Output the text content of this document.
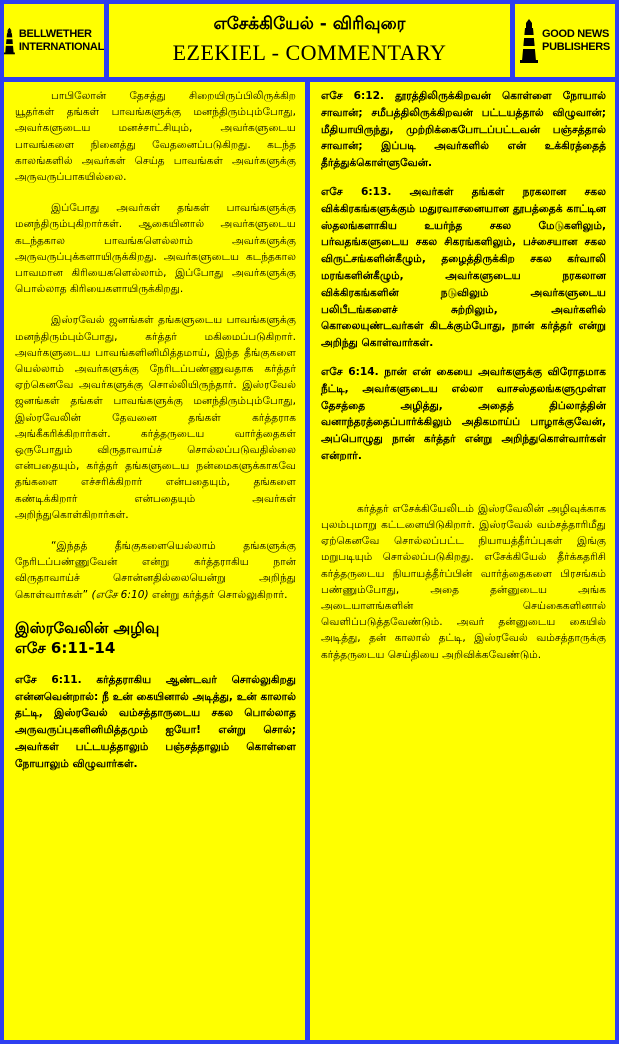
BELLWETHER
INTERNATIONAL
எசேக்கியேல் - விரிவுரை
EZEKIEL - COMMENTARY
GOOD NEWS
PUBLISHERS

பாபிலோன் தேசத்து சிறையிருப்பிலிருக்கிற யூதர்கள் தங்கள் பாவங்களுக்கு மனந்திரும்பும்போது, அவர்களுடைய மனச்சாட்சியும், அவர்களுடைய பாவங்களை நினைத்து வேதனைப்படுகிறது. கடந்த காலங்களில் அவர்கள் செய்த பாவங்கள் அவர்களுக்கு அருவருப்பாகயில்லை.

இப்போது அவர்கள் தங்கள் பாவங்களுக்கு மனந்திரும்புகிறார்கள். ஆகையினால் அவர்களுடைய கடந்தகால பாவங்களெல்லாம் அவர்களுக்கு அருவருப்புக்களாயிருக்கிறது. அவர்களுடைய கடந்தகால பாவமான கிரியைகளெல்லாம், இப்போது அவர்களுக்கு பொல்லாத கிரியைகளாயிருக்கிறது.

இஸ்ரவேல் ஜனங்கள் தங்களுடைய பாவங்களுக்கு மனந்திரும்பும்போது, கர்த்தர் மகிமைப்படுகிறார். அவர்களுடைய பாவங்களினிமித்தமாய், இந்த தீங்குகளை யெல்லாம் அவர்களுக்கு நேரிடப்பண்ணுவதாக கர்த்தர் ஏற்கெனவே அவர்களுக்கு சொல்லியிருந்தார். இஸ்ரவேல் ஜனங்கள் தங்கள் பாவங்களுக்கு மனந்திரும்பும்போது, இஸ்ரவேலின் தேவனை தங்கள் கர்த்தராக அங்கீகரிக்கிறார்கள். கர்த்தருடைய வார்த்தைகள் ஒருபோதும் விருதாவாய்ச் சொல்லப்படுவதில்லை என்பதையும், கர்த்தர் தங்களுடைய நன்மைகளுக்காகவே தங்களை எச்சரிக்கிறார் என்பதையும், தங்களை கண்டிக்கிறார் என்பதையும் அவர்கள் அறிந்துகொள்கிறார்கள்.

“இந்தத் தீங்குகளையெல்லாம் தங்களுக்கு நேரிடப்பண்ணுவேன் என்று கர்த்தராகிய நான் விருதாவாய்ச் சொன்னதில்லையென்று அறிந்து கொள்வார்கள்” (எசே 6:10) என்று கர்த்தர் சொல்லுகிறார்.

இஸ்ரவேலின் அழிவு
எசே 6:11-14

எசே 6:11. கர்த்தராகிய ஆண்டவர் சொல்லுகிறது என்னவென்றால்: நீ உன் கையினால் அடித்து, உன் காலால் தட்டி, இஸ்ரவேல் வம்சத்தாருடைய சகல பொல்லாத அருவருப்புகளினிமித்தமும் ஐயோ! என்று சொல்; அவர்கள் பட்டயத்தாலும் பஞ்சத்தாலும் கொள்ளை நோயாலும் விழுவார்கள்.

எசே 6:12. தூரத்திலிருக்கிறவன் கொள்ளை நோயால் சாவான்; சமீபத்திலிருக்கிறவன் பட்டயத்தால் விழுவான்; மீதியாயிருந்து, முற்றிக்கைபோடப்பட்டவன் பஞ்சத்தால் சாவான்; இப்படி அவர்களில் என் உக்கிரத்தைத் தீர்த்துக்கொள்ளுவேன்.

எசே 6:13. அவர்கள் தங்கள் நரகலான சகல விக்கிரகங்களுக்கும் மதுரவாசனையான தூபத்தைக் காட்டின ஸ்தலங்களாகிய உயர்ந்த சகல மேடுகளிலும், பர்வதங்களுடைய சகல சிகரங்களிலும், பச்சையான சகல விருட்சங்களின்கீழும், தழைத்திருக்கிற சகல கர்வாலி மரங்களின்கீழும், அவர்களுடைய நரகலான விக்கிரகங்களின் நடுவிலும் அவர்களுடைய பலிபீடங்களைச் சுற்றிலும், அவர்களில் கொலையுண்டவர்கள் கிடக்கும்போது, நான் கர்த்தர் என்று அறிந்து கொள்வார்கள்.

எசே 6:14. நான் என் கையை அவர்களுக்கு விரோதமாக நீட்டி, அவர்களுடைய எல்லா வாசஸ்தலங்களுமுள்ள தேசத்தை அழித்து, அதைத் திப்லாத்தின் வனாந்தரத்தைப்பார்க்கிலும் அதிகமாய்ப் பாழாக்குவேன், அப்பொழுது நான் கர்த்தர் என்று அறிந்துகொள்வார்கள் என்றார்.

கர்த்தர் எசேக்கியேலிடம் இஸ்ரவேலின் அழிவுக்காக புலம்புமாறு கட்டளையிடுகிறார். இஸ்ரவேல் வம்சத்தாரிமீது ஏற்கெனவே சொல்லப்பட்ட நியாயத்தீர்ப்புகள் இங்கு மறுபடியும் சொல்லப்படுகிறது. எசேக்கியேல் தீர்க்கதரிசி கர்த்தருடைய நியாயத்தீர்ப்பின் வார்த்தைகளை பிரசங்கம் பண்ணும்போது, அதை தன்னுடைய அங்க அடையாளங்களின் செய்கைகளினால் வெளிப்படுத்தவேண்டும். அவர் தன்னுடைய கையில் அடித்து, தன் காலால் தட்டி, இஸ்ரவேல் வம்சத்தாருக்கு கர்த்தருடைய செய்தியை அறிவிக்கவேண்டும்.
